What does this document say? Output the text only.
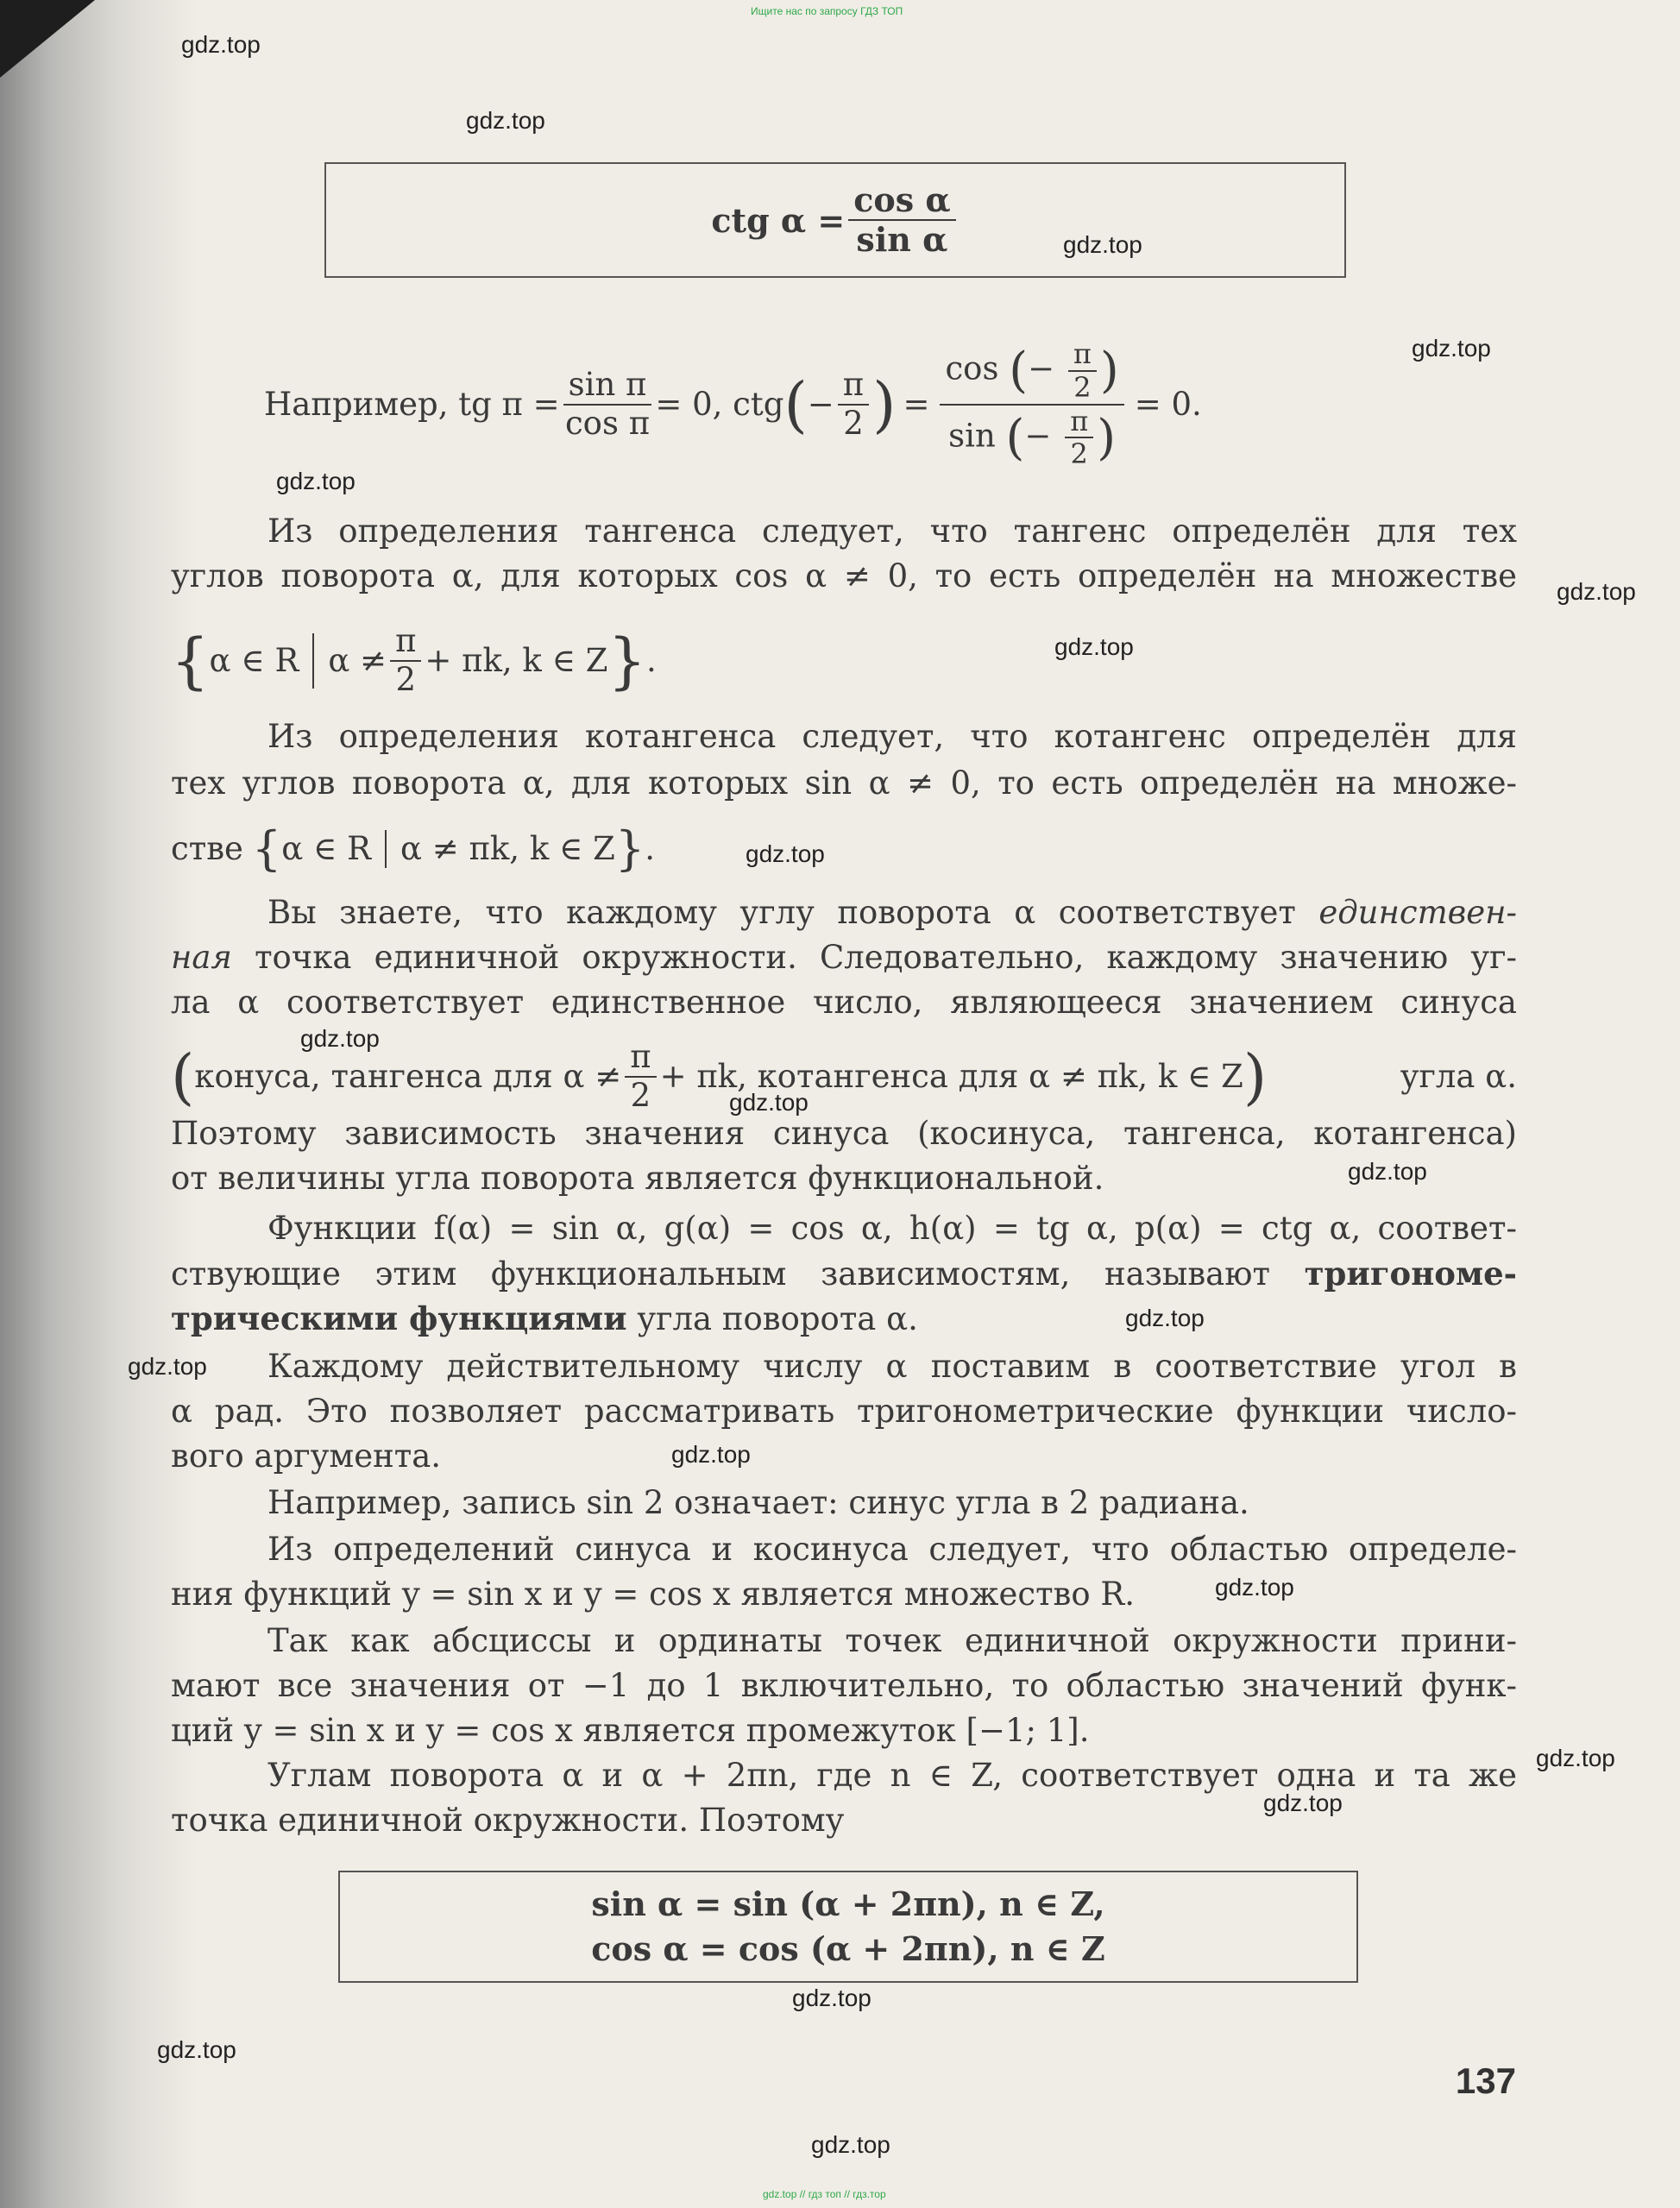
Ищите нас по запросу ГДЗ ТОП
gdz.top
gdz.top
gdz.top
gdz.top
gdz.top
gdz.top
gdz.top
gdz.top
gdz.top
gdz.top
gdz.top
gdz.top
gdz.top
gdz.top
gdz.top
gdz.top
gdz.top
gdz.top
gdz.top
gdz.top
ctg $\alpha = \frac{\text{cos α}}{\text{sin α}}$
Например, tg $\pi = \frac{\text{sin π}}{\text{cos π}} = 0$, ctg ( − $\frac{\pi}{2}$ ) = $\frac{\cos (- \frac{\pi}{2} )}{\sin (- \frac{\pi}{2} )} = 0$.
Из определения тангенса следует, что тангенс определён для тех
углов поворота α, для которых cos α ≠ 0, то есть определён на множестве
{ α ∈ R $\alpha \ne \frac{\pi}{2} + \pi k$, k ∈ Z } .
Из определения котангенса следует, что котангенс определён для
тех углов поворота α, для которых sin α ≠ 0, то есть определён на множе-
стве { α ∈ R α ≠ πk, k ∈ Z } .
Вы знаете, что каждому углу поворота α соответствует единствен-
ная точка единичной окружности. Следовательно, каждому значению уг-
ла α соответствует единственное число, являющееся значением синуса
( конуса, тангенса для $\alpha \ne \frac{\pi}{2} + \pi k$, котангенса для α ≠ πk, k ∈ Z )	угла α.
Поэтому зависимость значения синуса (косинуса, тангенса, котангенса)
от величины угла поворота является функциональной.
Функции f(α) = sin α, g(α) = cos α, h(α) = tg α, p(α) = ctg α, соответ-
ствующие этим функциональным зависимостям, называют тригономе-
трическими функциями угла поворота α.
Каждому действительному числу α поставим в соответствие угол в
α рад. Это позволяет рассматривать тригонометрические функции число-
вого аргумента.
Например, запись sin 2 означает: синус угла в 2 радиана.
Из определений синуса и косинуса следует, что областью определе-
ния функций y = sin x и y = cos x является множество R.
Так как абсциссы и ординаты точек единичной окружности прини-
мают все значения от −1 до 1 включительно, то областью значений функ-
ций y = sin x и y = cos x является промежуток [−1; 1].
Углам поворота α и α + 2πn, где n ∈ Z, соответствует одна и та же
точка единичной окружности. Поэтому
sin α = sin (α + 2πn), n ∈ Z,
cos α = cos (α + 2πn), n ∈ Z
137
gdz.top // гдз топ // гдз.тор
